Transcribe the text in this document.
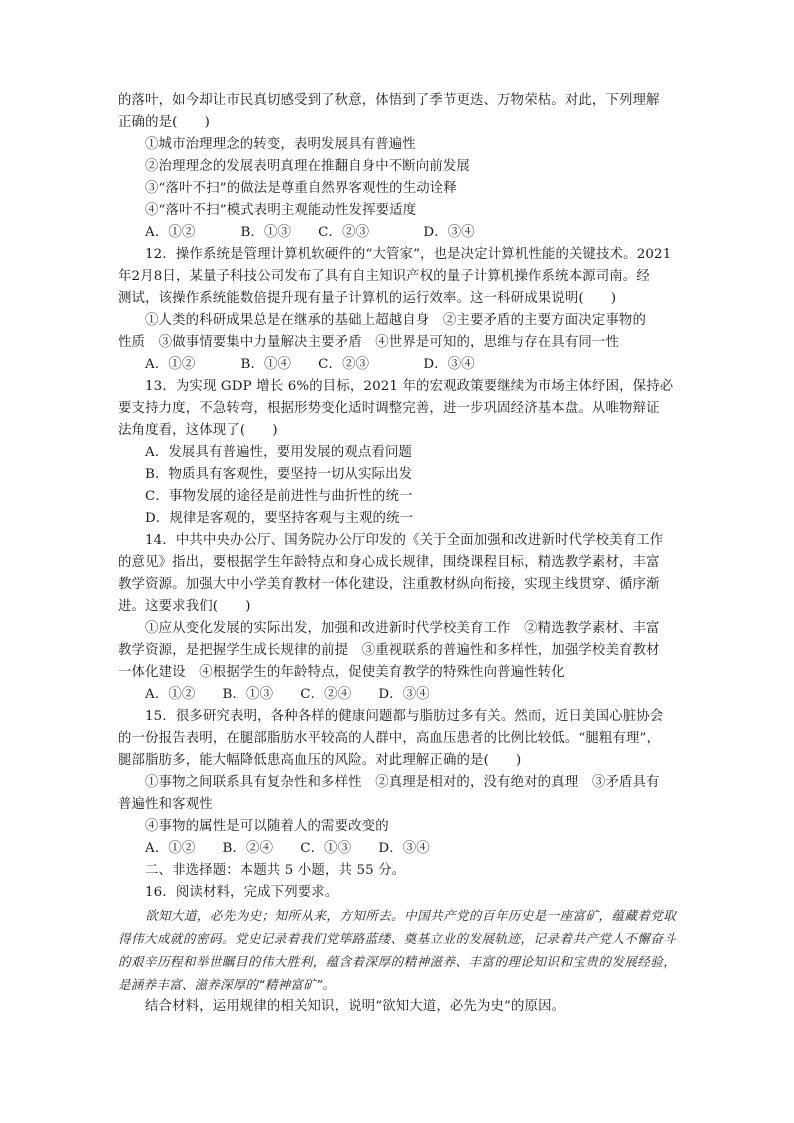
的落叶，如今却让市民真切感受到了秋意，体悟到了季节更迭、万物荣枯。对此，下列理解

正确的是(　　)

①城市治理理念的转变，表明发展具有普遍性

②治理理念的发展表明真理在推翻自身中不断向前发展

③“落叶不扫”的做法是尊重自然界客观性的生动诠释

④“落叶不扫”模式表明主观能动性发挥要适度

A．①②　　　 B．①③　　C．②③　　　　D．③④

12．操作系统是管理计算机软硬件的“大管家”，也是决定计算机性能的关键技术。2021

年2月8日，某量子科技公司发布了具有自主知识产权的量子计算机操作系统本源司南。经

测试，该操作系统能数倍提升现有量子计算机的运行效率。这一科研成果说明(　　)

①人类的科研成果总是在继承的基础上超越自身　②主要矛盾的主要方面决定事物的

性质　③做事情要集中力量解决主要矛盾　④世界是可知的，思维与存在具有同一性

A．①②　　　 B．①④　　C．②③　　　　D．③④

13．为实现 GDP 增长 6%的目标，2021 年的宏观政策要继续为市场主体纾困，保持必

要支持力度，不急转弯，根据形势变化适时调整完善，进一步巩固经济基本盘。从唯物辩证

法角度看，这体现了(　　)

A．发展具有普遍性，要用发展的观点看问题

B．物质具有客观性，要坚持一切从实际出发

C．事物发展的途径是前进性与曲折性的统一

D．规律是客观的，要坚持客观与主观的统一

14．中共中央办公厅、国务院办公厅印发的《关于全面加强和改进新时代学校美育工作

的意见》指出，要根据学生年龄特点和身心成长规律，围绕课程目标，精选教学素材，丰富

教学资源。加强大中小学美育教材一体化建设，注重教材纵向衔接，实现主线贯穿、循序渐

进。这要求我们(　　)

①应从变化发展的实际出发，加强和改进新时代学校美育工作　②精选教学素材、丰富

教学资源，是把握学生成长规律的前提　③重视联系的普遍性和多样性，加强学校美育教材

一体化建设　④根据学生的年龄特点，促使美育教学的特殊性向普遍性转化

A．①②　　B．①③　　C．②④　　D．③④

15．很多研究表明，各种各样的健康问题都与脂肪过多有关。然而，近日美国心脏协会

的一份报告表明，在腿部脂肪水平较高的人群中，高血压患者的比例比较低。“腿粗有理”，

腿部脂肪多，能大幅降低患高血压的风险。对此理解正确的是(　　)

①事物之间联系具有复杂性和多样性　②真理是相对的，没有绝对的真理　③矛盾具有

普遍性和客观性

④事物的属性是可以随着人的需要改变的

A．①②　　B．②④　　C．①③　　D．③④

二、非选择题：本题共 5 小题，共 55 分。

16．阅读材料，完成下列要求。

欲知大道，必先为史；知所从来，方知所去。中国共产党的百年历史是一座富矿，蕴藏着党取得伟大成就的密码。党史记录着我们党筚路蓝缕、奠基立业的发展轨迹，记录着共产党人不懈奋斗的艰辛历程和举世瞩目的伟大胜利，蕴含着深厚的精神滋养、丰富的理论知识和宝贵的发展经验，是涵养丰富、滋养深厚的“精神富矿”。

结合材料，运用规律的相关知识，说明“欲知大道，必先为史”的原因。
